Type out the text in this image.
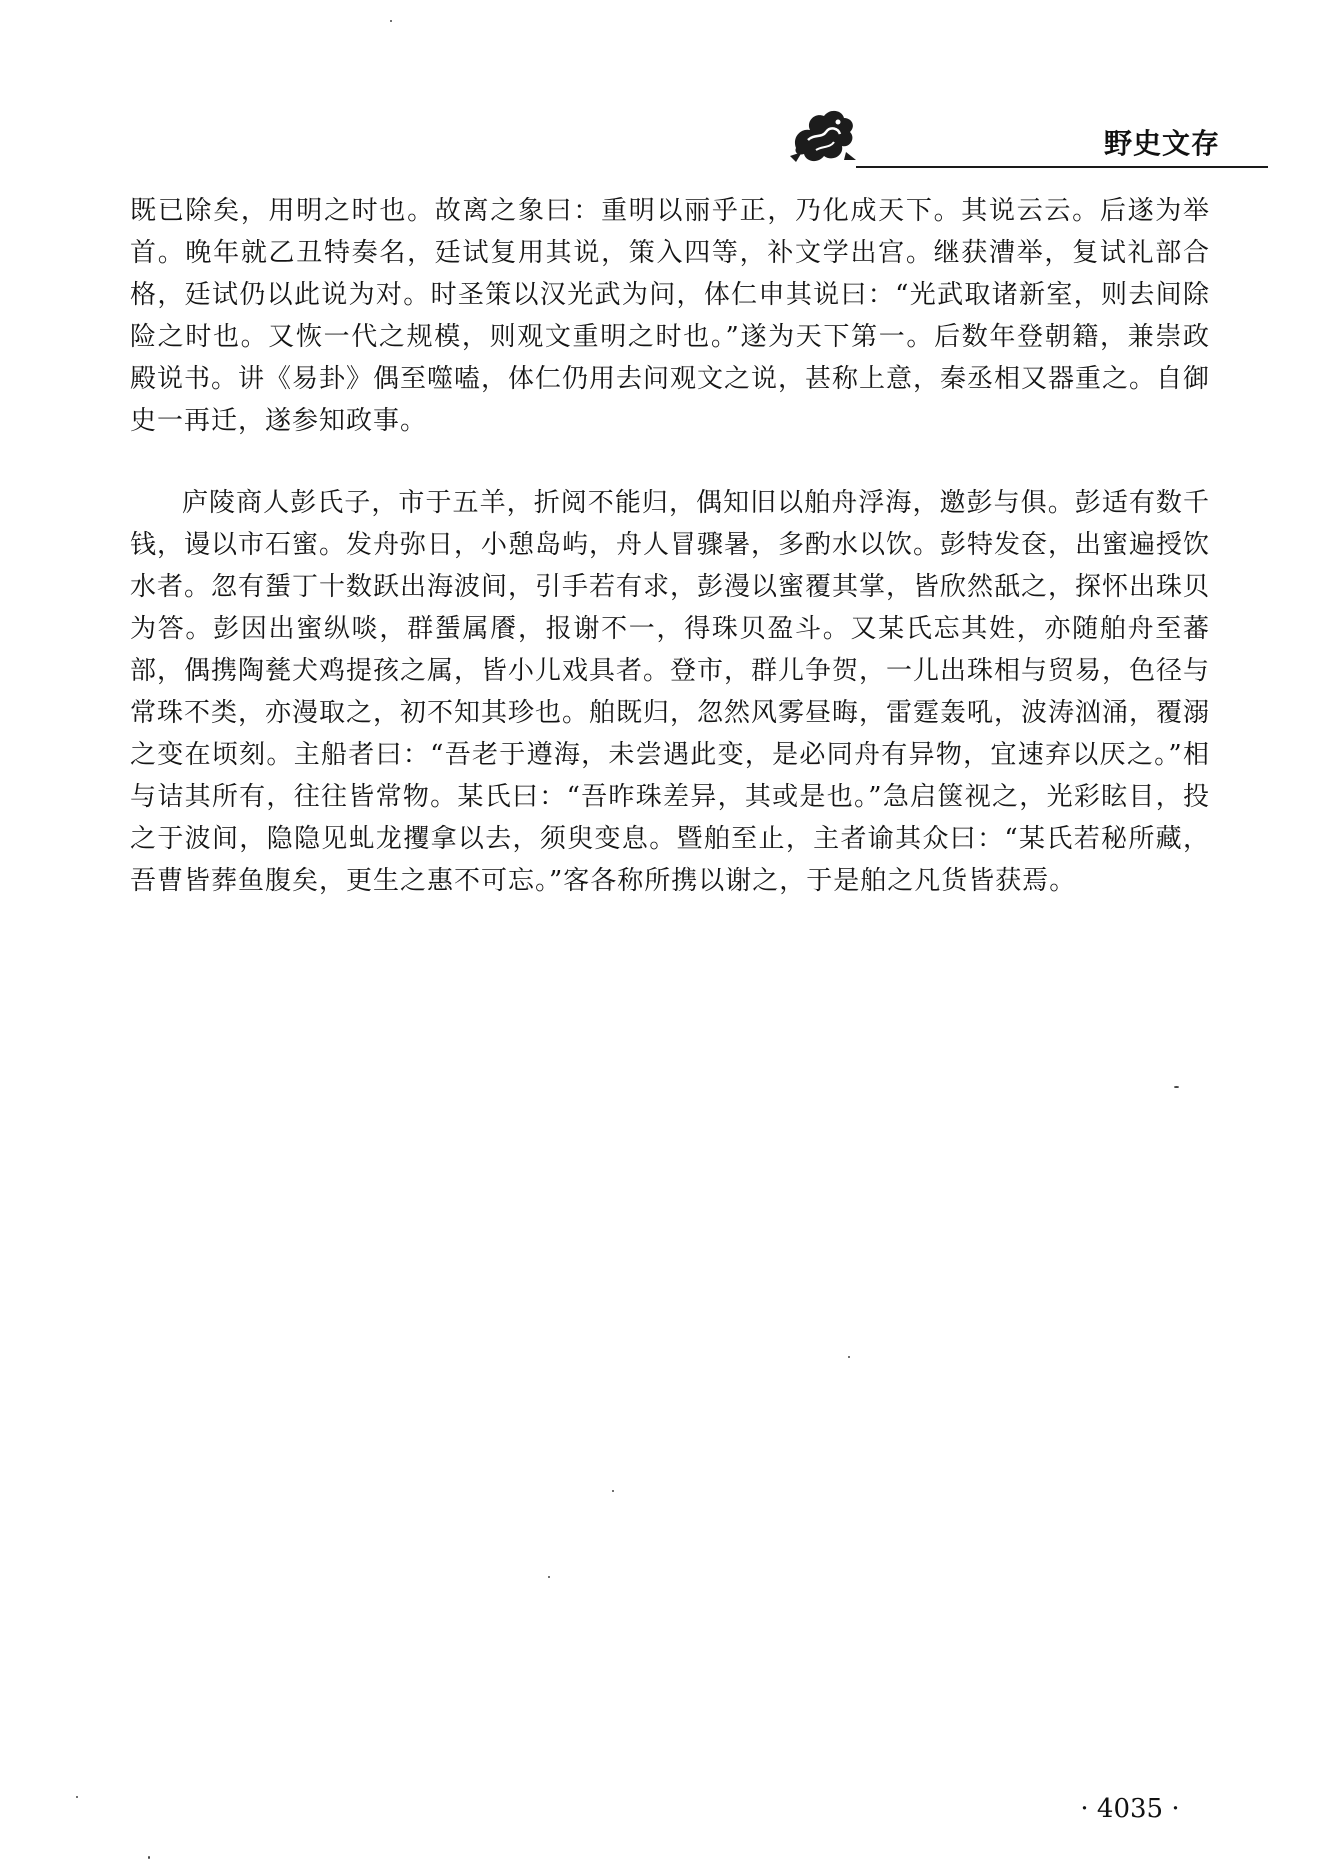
野史文存

既已除矣，用明之时也。故离之象曰：重明以丽乎正，乃化成天下。其说云云。后遂为举首。晚年就乙丑特奏名，廷试复用其说，策入四等，补文学出宫。继获漕举，复试礼部合格，廷试仍以此说为对。时圣策以汉光武为问，体仁申其说曰：“光武取诸新室，则去间除险之时也。又恢一代之规模，则观文重明之时也。”遂为天下第一。后数年登朝籍，兼崇政殿说书。讲《易卦》偶至噬嗑，体仁仍用去问观文之说，甚称上意，秦丞相又器重之。自御史一再迁，遂参知政事。

庐陵商人彭氏子，市于五羊，折阅不能归，偶知旧以舶舟浮海，邀彭与俱。彭适有数千钱，谩以市石蜜。发舟弥日，小憩岛屿，舟人冒骤暑，多酌水以饮。彭特发奁，出蜜遍授饮水者。忽有蜑丁十数跃出海波间，引手若有求，彭漫以蜜覆其掌，皆欣然舐之，探怀出珠贝为答。彭因出蜜纵啖，群蜑属餍，报谢不一，得珠贝盈斗。又某氏忘其姓，亦随舶舟至蕃部，偶携陶甆犬鸡提孩之属，皆小儿戏具者。登市，群儿争贺，一儿出珠相与贸易，色径与常珠不类，亦漫取之，初不知其珍也。舶既归，忽然风雾昼晦，雷霆轰吼，波涛汹涌，覆溺之变在顷刻。主船者曰：“吾老于遵海，未尝遇此变，是必同舟有异物，宜速弃以厌之。”相与诘其所有，往往皆常物。某氏曰：“吾昨珠差异，其或是也。”急启箧视之，光彩眩目，投之于波间，隐隐见虬龙攫拿以去，须臾变息。暨舶至止，主者谕其众曰：“某氏若秘所藏，吾曹皆葬鱼腹矣，更生之惠不可忘。”客各称所携以谢之，于是舶之凡货皆获焉。

· 4035 ·
